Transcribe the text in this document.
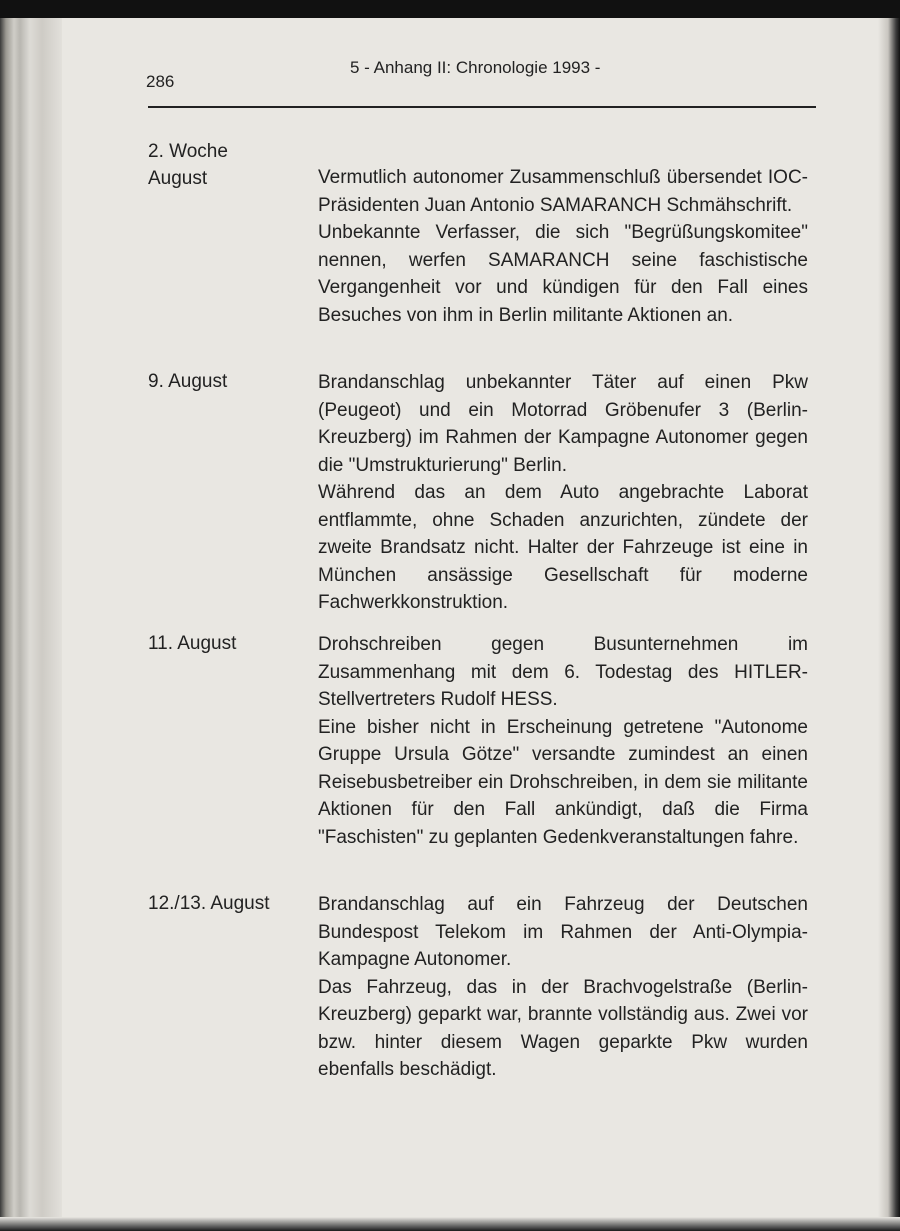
286
5 - Anhang II: Chronologie 1993 -
2. Woche
August	Vermutlich autonomer Zusammenschluß übersendet IOC-Präsidenten Juan Antonio SAMARANCH Schmähschrift.

Unbekannte Verfasser, die sich "Begrüßungskomitee" nennen, werfen SAMARANCH seine faschistische Vergangenheit vor und kündigen für den Fall eines Besuches von ihm in Berlin militante Aktionen an.

9. August	Brandanschlag unbekannter Täter auf einen Pkw (Peugeot) und ein Motorrad Gröbenufer 3 (Berlin-Kreuzberg) im Rahmen der Kampagne Autonomer gegen die "Umstrukturierung" Berlin.

Während das an dem Auto angebrachte Laborat entflammte, ohne Schaden anzurichten, zündete der zweite Brandsatz nicht. Halter der Fahrzeuge ist eine in München ansässige Gesellschaft für moderne Fachwerkkonstruktion.

11. August	Drohschreiben gegen Busunternehmen im Zusammenhang mit dem 6. Todestag des HITLER-Stellvertreters Rudolf HESS.

Eine bisher nicht in Erscheinung getretene "Autonome Gruppe Ursula Götze" versandte zumindest an einen Reisebusbetreiber ein Drohschreiben, in dem sie militante Aktionen für den Fall ankündigt, daß die Firma "Faschisten" zu geplanten Gedenkveranstaltungen fahre.

12./13. August	Brandanschlag auf ein Fahrzeug der Deutschen Bundespost Telekom im Rahmen der Anti-Olympia-Kampagne Autonomer.

Das Fahrzeug, das in der Brachvogelstraße (Berlin-Kreuzberg) geparkt war, brannte vollständig aus. Zwei vor bzw. hinter diesem Wagen geparkte Pkw wurden ebenfalls beschädigt.
